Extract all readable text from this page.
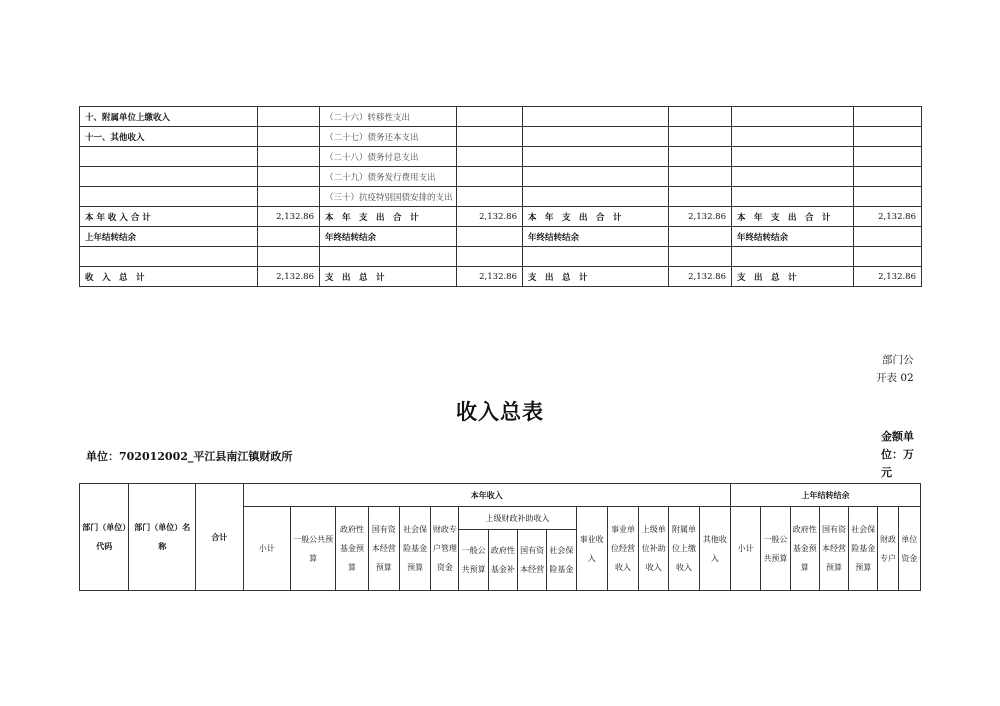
十、附属单位上缴收入		（二十六）转移性支出					
十一、其他收入		（二十七）债务还本支出					
		（二十八）债务付息支出					
		（二十九）债务发行费用支出					
		（三十）抗疫特别国债安排的支出					
本 年 收 入 合 计	2,132.86	本　年　支　出　合　计	2,132.86	本　年　支　出　合　计	2,132.86	本　年　支　出　合　计	2,132.86
上年结转结余		年终结转结余		年终结转结余		年终结转结余	

收　入　总　计	2,132.86	支　出　总　计	2,132.86	支　出　总　计	2,132.86	支　出　总　计	2,132.86
部门公
开表 02
收入总表
单位：702012002_平江县南江镇财政所
金额单位：万元
部门（单位）代码	部门（单位）名称	合计	本年收入															上年结转结余						
			小计	一般公共预算	政府性基金预算	国有资本经营预算	社会保险基金预算	财政专户管理资金	上级财政补助收入				事业收入	事业单位经营收入	上级单位补助收入	附属单位上缴收入	其他收入	小计	一般公共预算	政府性基金预算	国有资本经营预算	社会保险基金预算	财政专户	单位资金
									一般公共预算	政府性基金补	国有资本经营	社会保险基金												
